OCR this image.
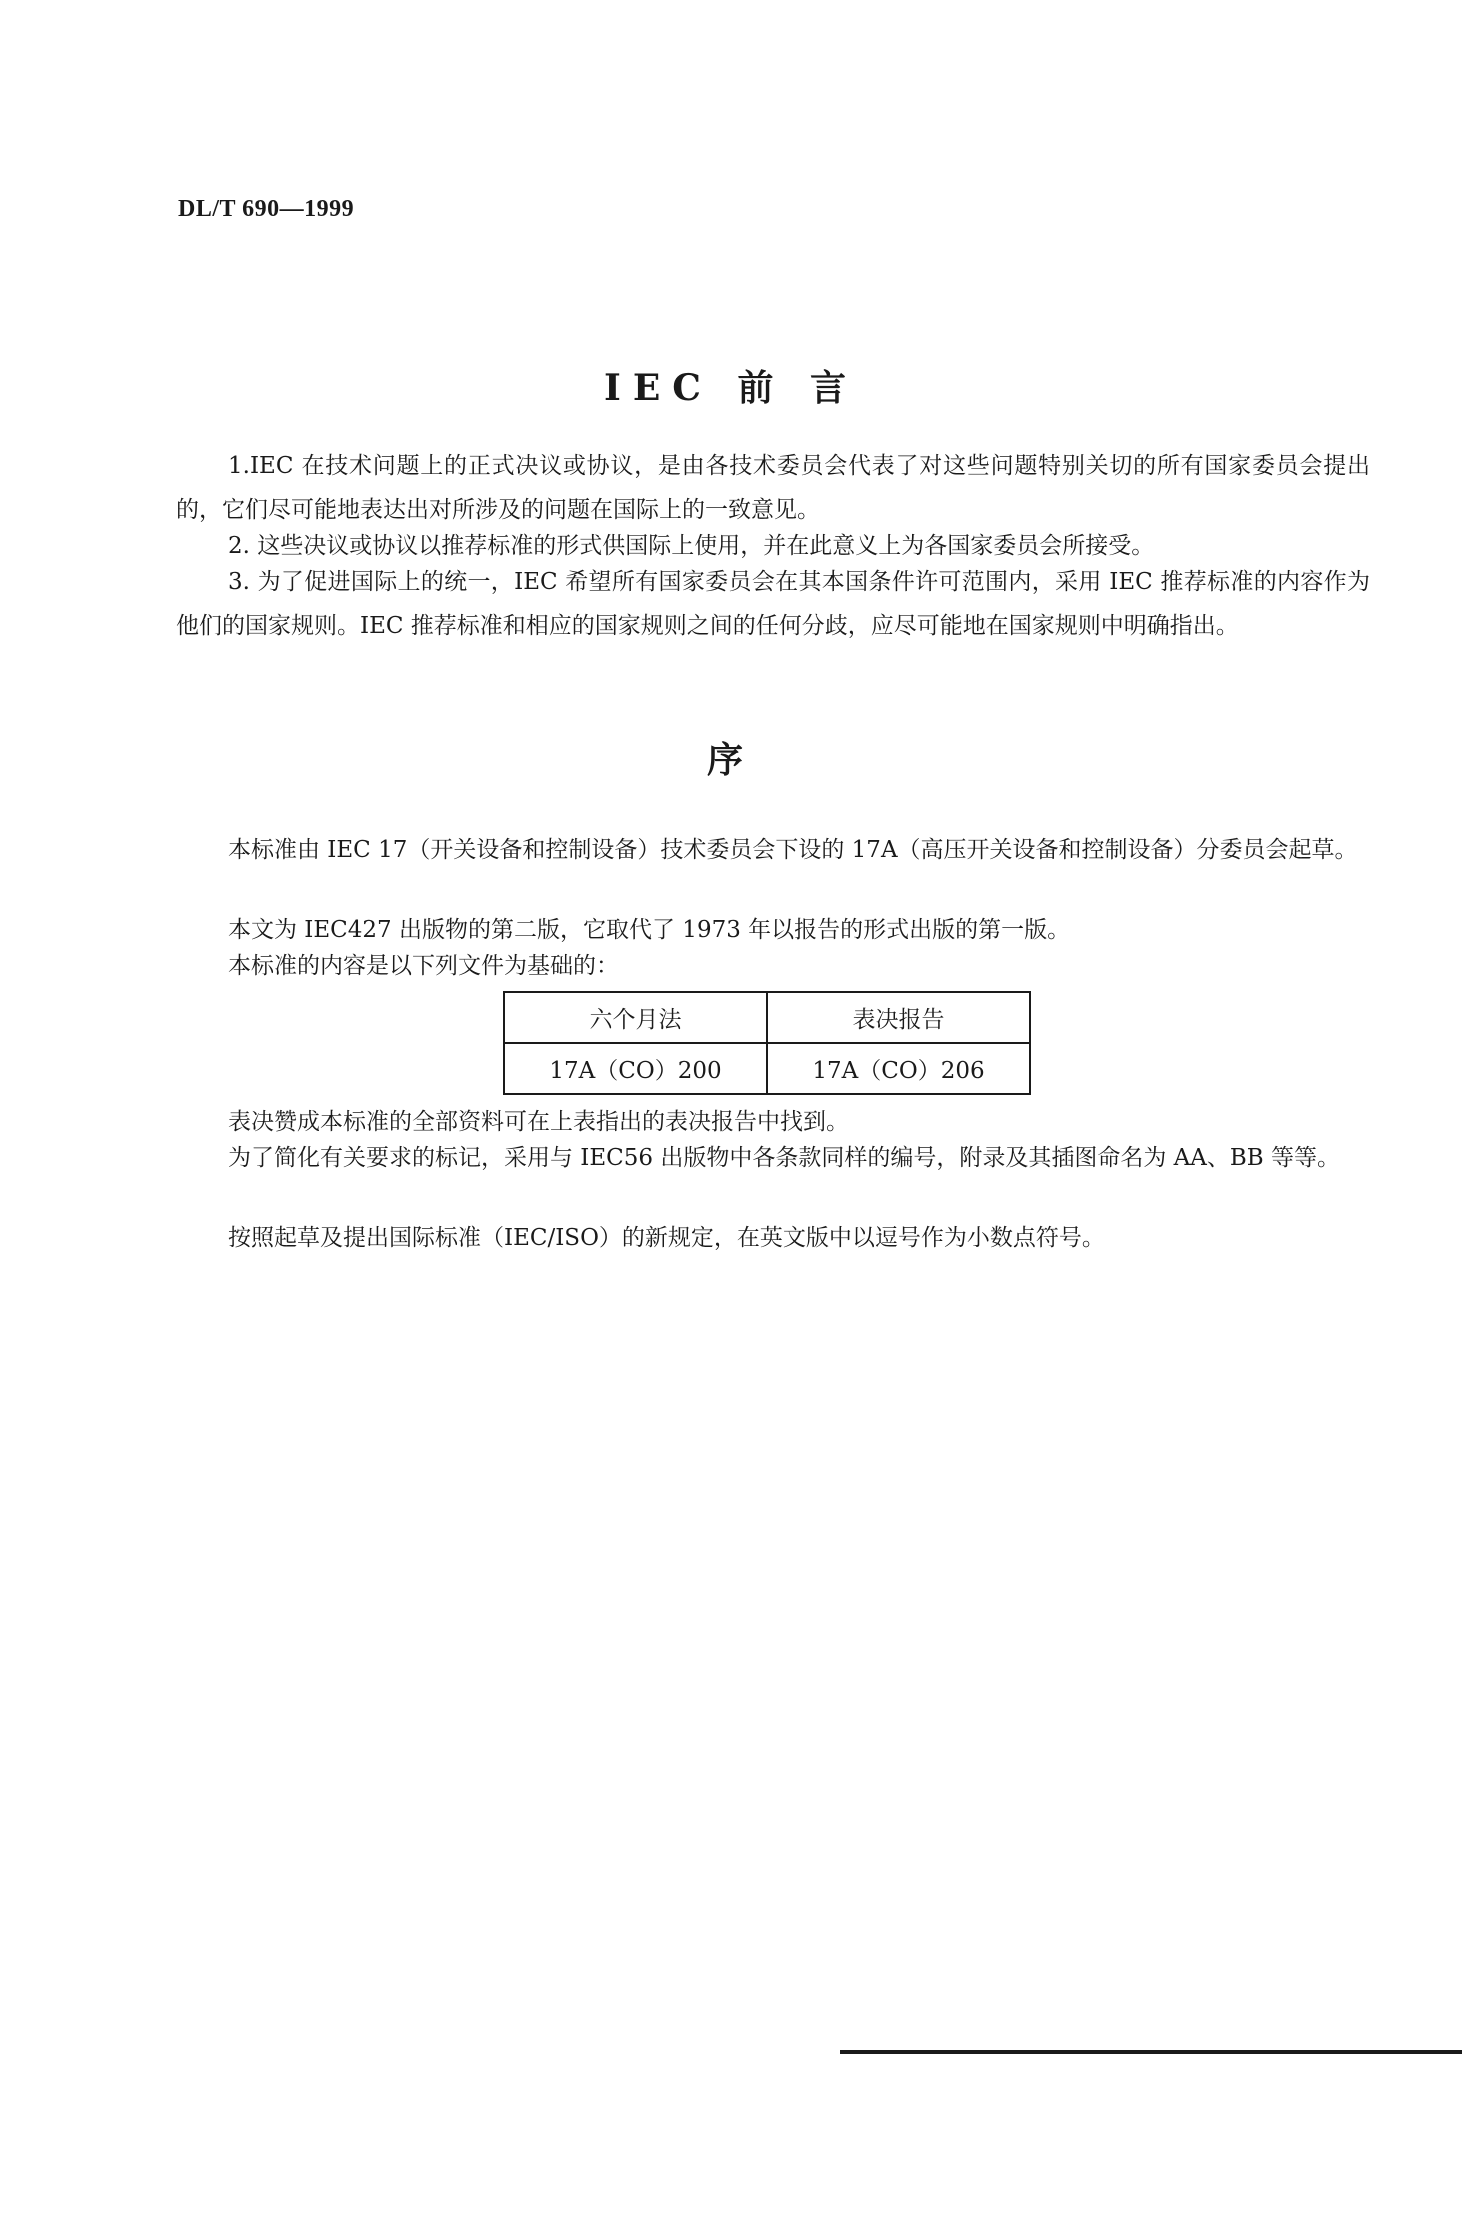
DL/T 690—1999
IEC 前 言

1.IEC 在技术问题上的正式决议或协议，是由各技术委员会代表了对这些问题特别关切的所有国家委员会提出的，它们尽可能地表达出对所涉及的问题在国际上的一致意见。

2. 这些决议或协议以推荐标准的形式供国际上使用，并在此意义上为各国家委员会所接受。

3. 为了促进国际上的统一，IEC 希望所有国家委员会在其本国条件许可范围内，采用 IEC 推荐标准的内容作为他们的国家规则。IEC 推荐标准和相应的国家规则之间的任何分歧，应尽可能地在国家规则中明确指出。

序

本标准由 IEC 17（开关设备和控制设备）技术委员会下设的 17A（高压开关设备和控制设备）分委员会起草。

本文为 IEC427 出版物的第二版，它取代了 1973 年以报告的形式出版的第一版。

本标准的内容是以下列文件为基础的：

六个月法	表决报告
17A（CO）200	17A（CO）206

表决赞成本标准的全部资料可在上表指出的表决报告中找到。

为了简化有关要求的标记，采用与 IEC56 出版物中各条款同样的编号，附录及其插图命名为 AA、BB 等等。

按照起草及提出国际标准（IEC/ISO）的新规定，在英文版中以逗号作为小数点符号。
